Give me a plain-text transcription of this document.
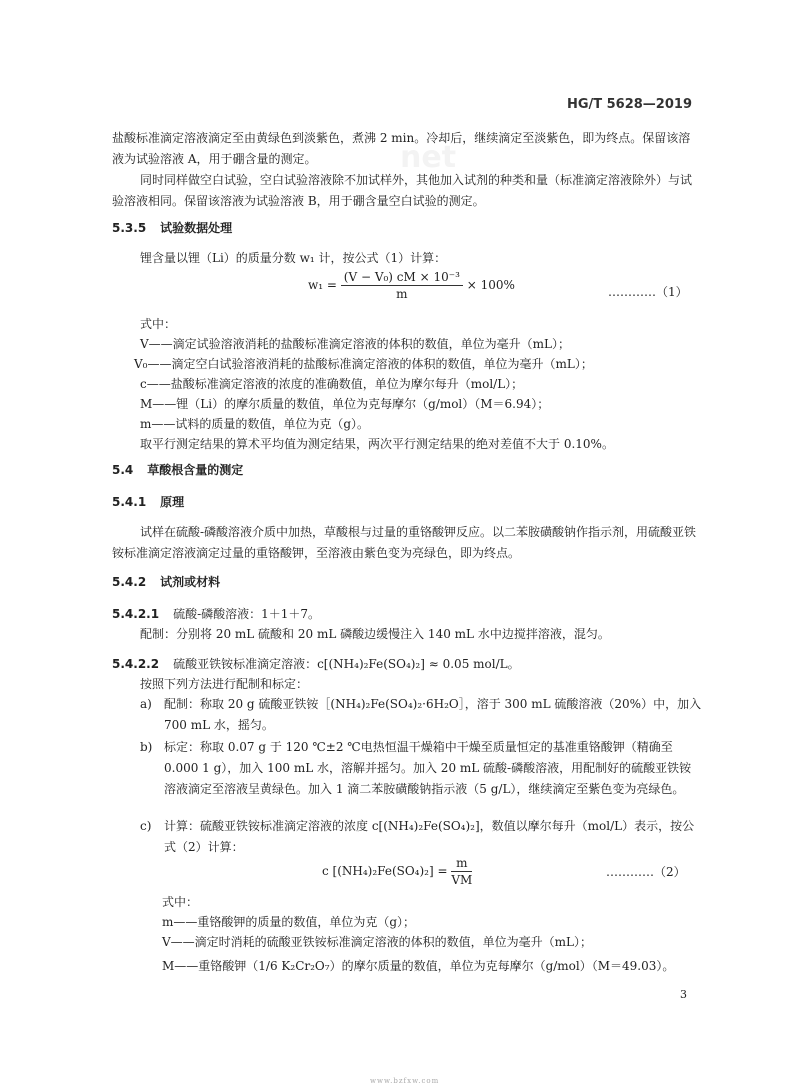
net
HG/T 5628—2019
盐酸标准滴定溶液滴定至由黄绿色到淡紫色，煮沸 2 min。冷却后，继续滴定至淡紫色，即为终点。保留该溶液为试验溶液 A，用于硼含量的测定。
同时同样做空白试验，空白试验溶液除不加试样外，其他加入试剂的种类和量（标准滴定溶液除外）与试验溶液相同。保留该溶液为试验溶液 B，用于硼含量空白试验的测定。
5.3.5 试验数据处理
锂含量以锂（Li）的质量分数 w₁ 计，按公式（1）计算：
$w_1 = \frac{\text{(V − V₀) cM × 10⁻³}}{m} \times 100\%$	…………（1）
式中：
V——滴定试验溶液消耗的盐酸标准滴定溶液的体积的数值，单位为毫升（mL）；
V₀——滴定空白试验溶液消耗的盐酸标准滴定溶液的体积的数值，单位为毫升（mL）；
c——盐酸标准滴定溶液的浓度的准确数值，单位为摩尔每升（mol/L）；
M——锂（Li）的摩尔质量的数值，单位为克每摩尔（g/mol）（M＝6.94）；
m——试料的质量的数值，单位为克（g）。
取平行测定结果的算术平均值为测定结果，两次平行测定结果的绝对差值不大于 0.10%。
5.4 草酸根含量的测定
5.4.1 原理
试样在硫酸-磷酸溶液介质中加热，草酸根与过量的重铬酸钾反应。以二苯胺磺酸钠作指示剂，用硫酸亚铁铵标准滴定溶液滴定过量的重铬酸钾，至溶液由紫色变为亮绿色，即为终点。
5.4.2 试剂或材料
5.4.2.1 硫酸-磷酸溶液：1＋1＋7。
配制：分别将 20 mL 硫酸和 20 mL 磷酸边缓慢注入 140 mL 水中边搅拌溶液，混匀。
5.4.2.2 硫酸亚铁铵标准滴定溶液：c[(NH₄)₂Fe(SO₄)₂] ≈ 0.05 mol/L。
按照下列方法进行配制和标定：
a) 配制：称取 20 g 硫酸亚铁铵［(NH₄)₂Fe(SO₄)₂·6H₂O］，溶于 300 mL 硫酸溶液（20%）中，加入 700 mL 水，摇匀。
b) 标定：称取 0.07 g 于 120 ℃±2 ℃电热恒温干燥箱中干燥至质量恒定的基准重铬酸钾（精确至 0.000 1 g），加入 100 mL 水，溶解并摇匀。加入 20 mL 硫酸-磷酸溶液，用配制好的硫酸亚铁铵溶液滴定至溶液呈黄绿色。加入 1 滴二苯胺磺酸钠指示液（5 g/L），继续滴定至紫色变为亮绿色。
c) 计算：硫酸亚铁铵标准滴定溶液的浓度 c[(NH₄)₂Fe(SO₄)₂]，数值以摩尔每升（mol/L）表示，按公式（2）计算：
c $[(NH_4)_2Fe(SO_4)_2] = \frac{m}{VM}$	…………（2）
式中：
m——重铬酸钾的质量的数值，单位为克（g）；
V——滴定时消耗的硫酸亚铁铵标准滴定溶液的体积的数值，单位为毫升（mL）；
M——重铬酸钾（1/6 K₂Cr₂O₇）的摩尔质量的数值，单位为克每摩尔（g/mol）（M＝49.03）。
3
www.bzfxw.com
